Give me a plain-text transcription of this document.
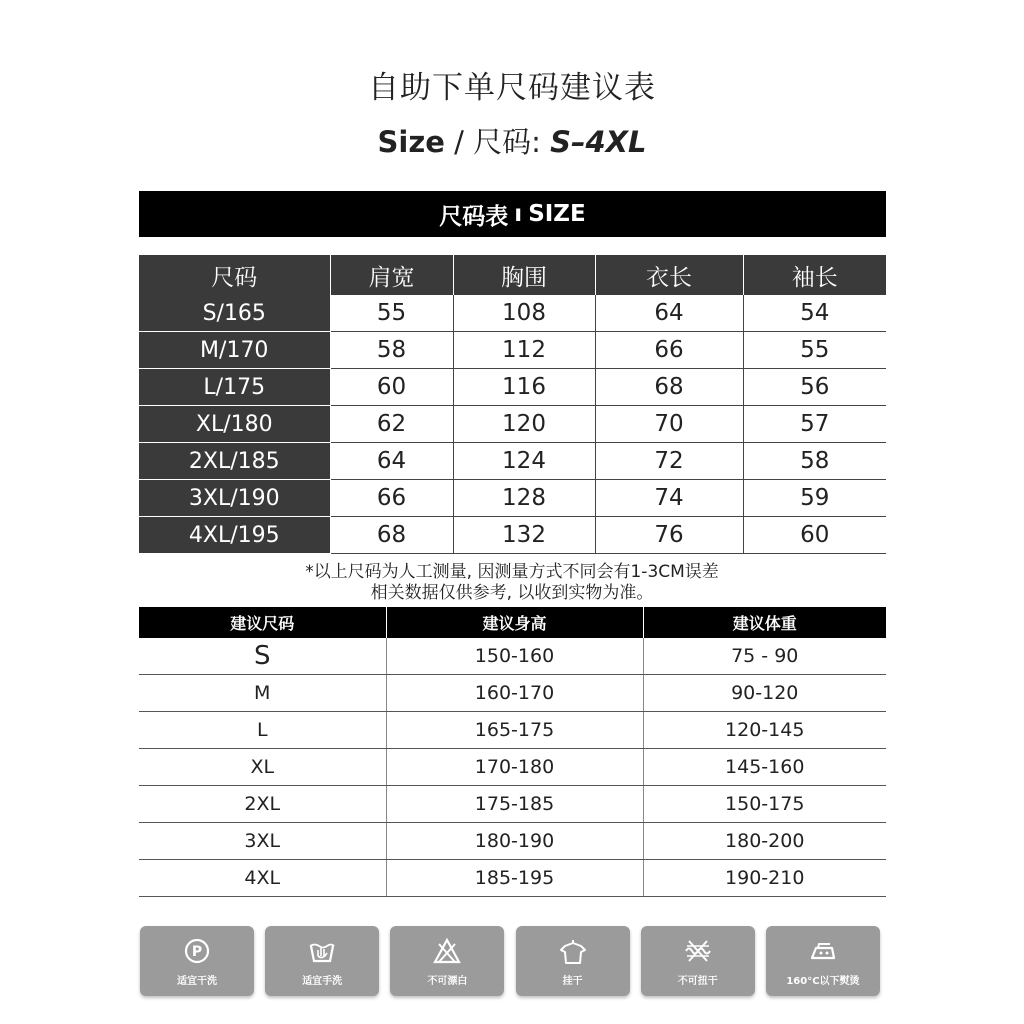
自助下单尺码建议表
Size / 尺码: S–4XL
尺码表 ı SIZE
尺码	肩宽	胸围	衣长	袖长
S/165	55	108	64	54
M/170	58	112	66	55
L/175	60	116	68	56
XL/180	62	120	70	57
2XL/185	64	124	72	58
3XL/190	66	128	74	59
4XL/195	68	132	76	60
*以上尺码为人工测量, 因测量方式不同会有1-3CM误差
相关数据仅供参考, 以收到实物为准。
建议尺码	建议身高	建议体重
S	150-160	75 - 90
M	160-170	90-120
L	165-175	120-145
XL	170-180	145-160
2XL	175-185	150-175
3XL	180-190	180-200
4XL	185-195	190-210
P
适宜干洗	适宜手洗	不可漂白	挂干	不可扭干	160°C以下熨烫
